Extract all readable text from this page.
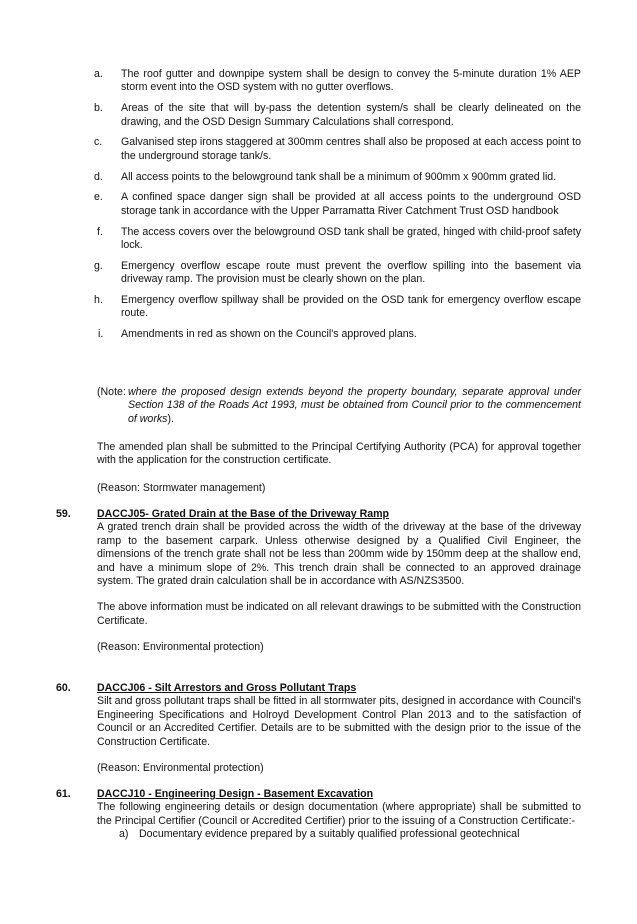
a.	The roof gutter and downpipe system shall be design to convey the 5-minute duration 1% AEP storm event into the OSD system with no gutter overflows.
b.	Areas of the site that will by-pass the detention system/s shall be clearly delineated on the drawing, and the OSD Design Summary Calculations shall correspond.
c.	Galvanised step irons staggered at 300mm centres shall also be proposed at each access point to the underground storage tank/s.
d.	All access points to the belowground tank shall be a minimum of 900mm x 900mm grated lid.
e.	A confined space danger sign shall be provided at all access points to the underground OSD storage tank in accordance with the Upper Parramatta River Catchment Trust OSD handbook
f.	The access covers over the belowground OSD tank shall be grated, hinged with child-proof safety lock.
g.	Emergency overflow escape route must prevent the overflow spilling into the basement via driveway ramp. The provision must be clearly shown on the plan.
h.	Emergency overflow spillway shall be provided on the OSD tank for emergency overflow escape route.
i.	Amendments in red as shown on the Council's approved plans.
(Note: where the proposed design extends beyond the property boundary, separate approval under Section 138 of the Roads Act 1993, must be obtained from Council prior to the commencement of works).
The amended plan shall be submitted to the Principal Certifying Authority (PCA) for approval together with the application for the construction certificate.
(Reason: Stormwater management)
59. DACCJ05- Grated Drain at the Base of the Driveway Ramp
A grated trench drain shall be provided across the width of the driveway at the base of the driveway ramp to the basement carpark. Unless otherwise designed by a Qualified Civil Engineer, the dimensions of the trench grate shall not be less than 200mm wide by 150mm deep at the shallow end, and have a minimum slope of 2%. This trench drain shall be connected to an approved drainage system. The grated drain calculation shall be in accordance with AS/NZS3500.
The above information must be indicated on all relevant drawings to be submitted with the Construction Certificate.
(Reason: Environmental protection)
60. DACCJ06 - Silt Arrestors and Gross Pollutant Traps
Silt and gross pollutant traps shall be fitted in all stormwater pits, designed in accordance with Council's Engineering Specifications and Holroyd Development Control Plan 2013 and to the satisfaction of Council or an Accredited Certifier. Details are to be submitted with the design prior to the issue of the Construction Certificate.
(Reason: Environmental protection)
61. DACCJ10 - Engineering Design - Basement Excavation
The following engineering details or design documentation (where appropriate) shall be submitted to the Principal Certifier (Council or Accredited Certifier) prior to the issuing of a Construction Certificate:-
a) Documentary evidence prepared by a suitably qualified professional geotechnical
